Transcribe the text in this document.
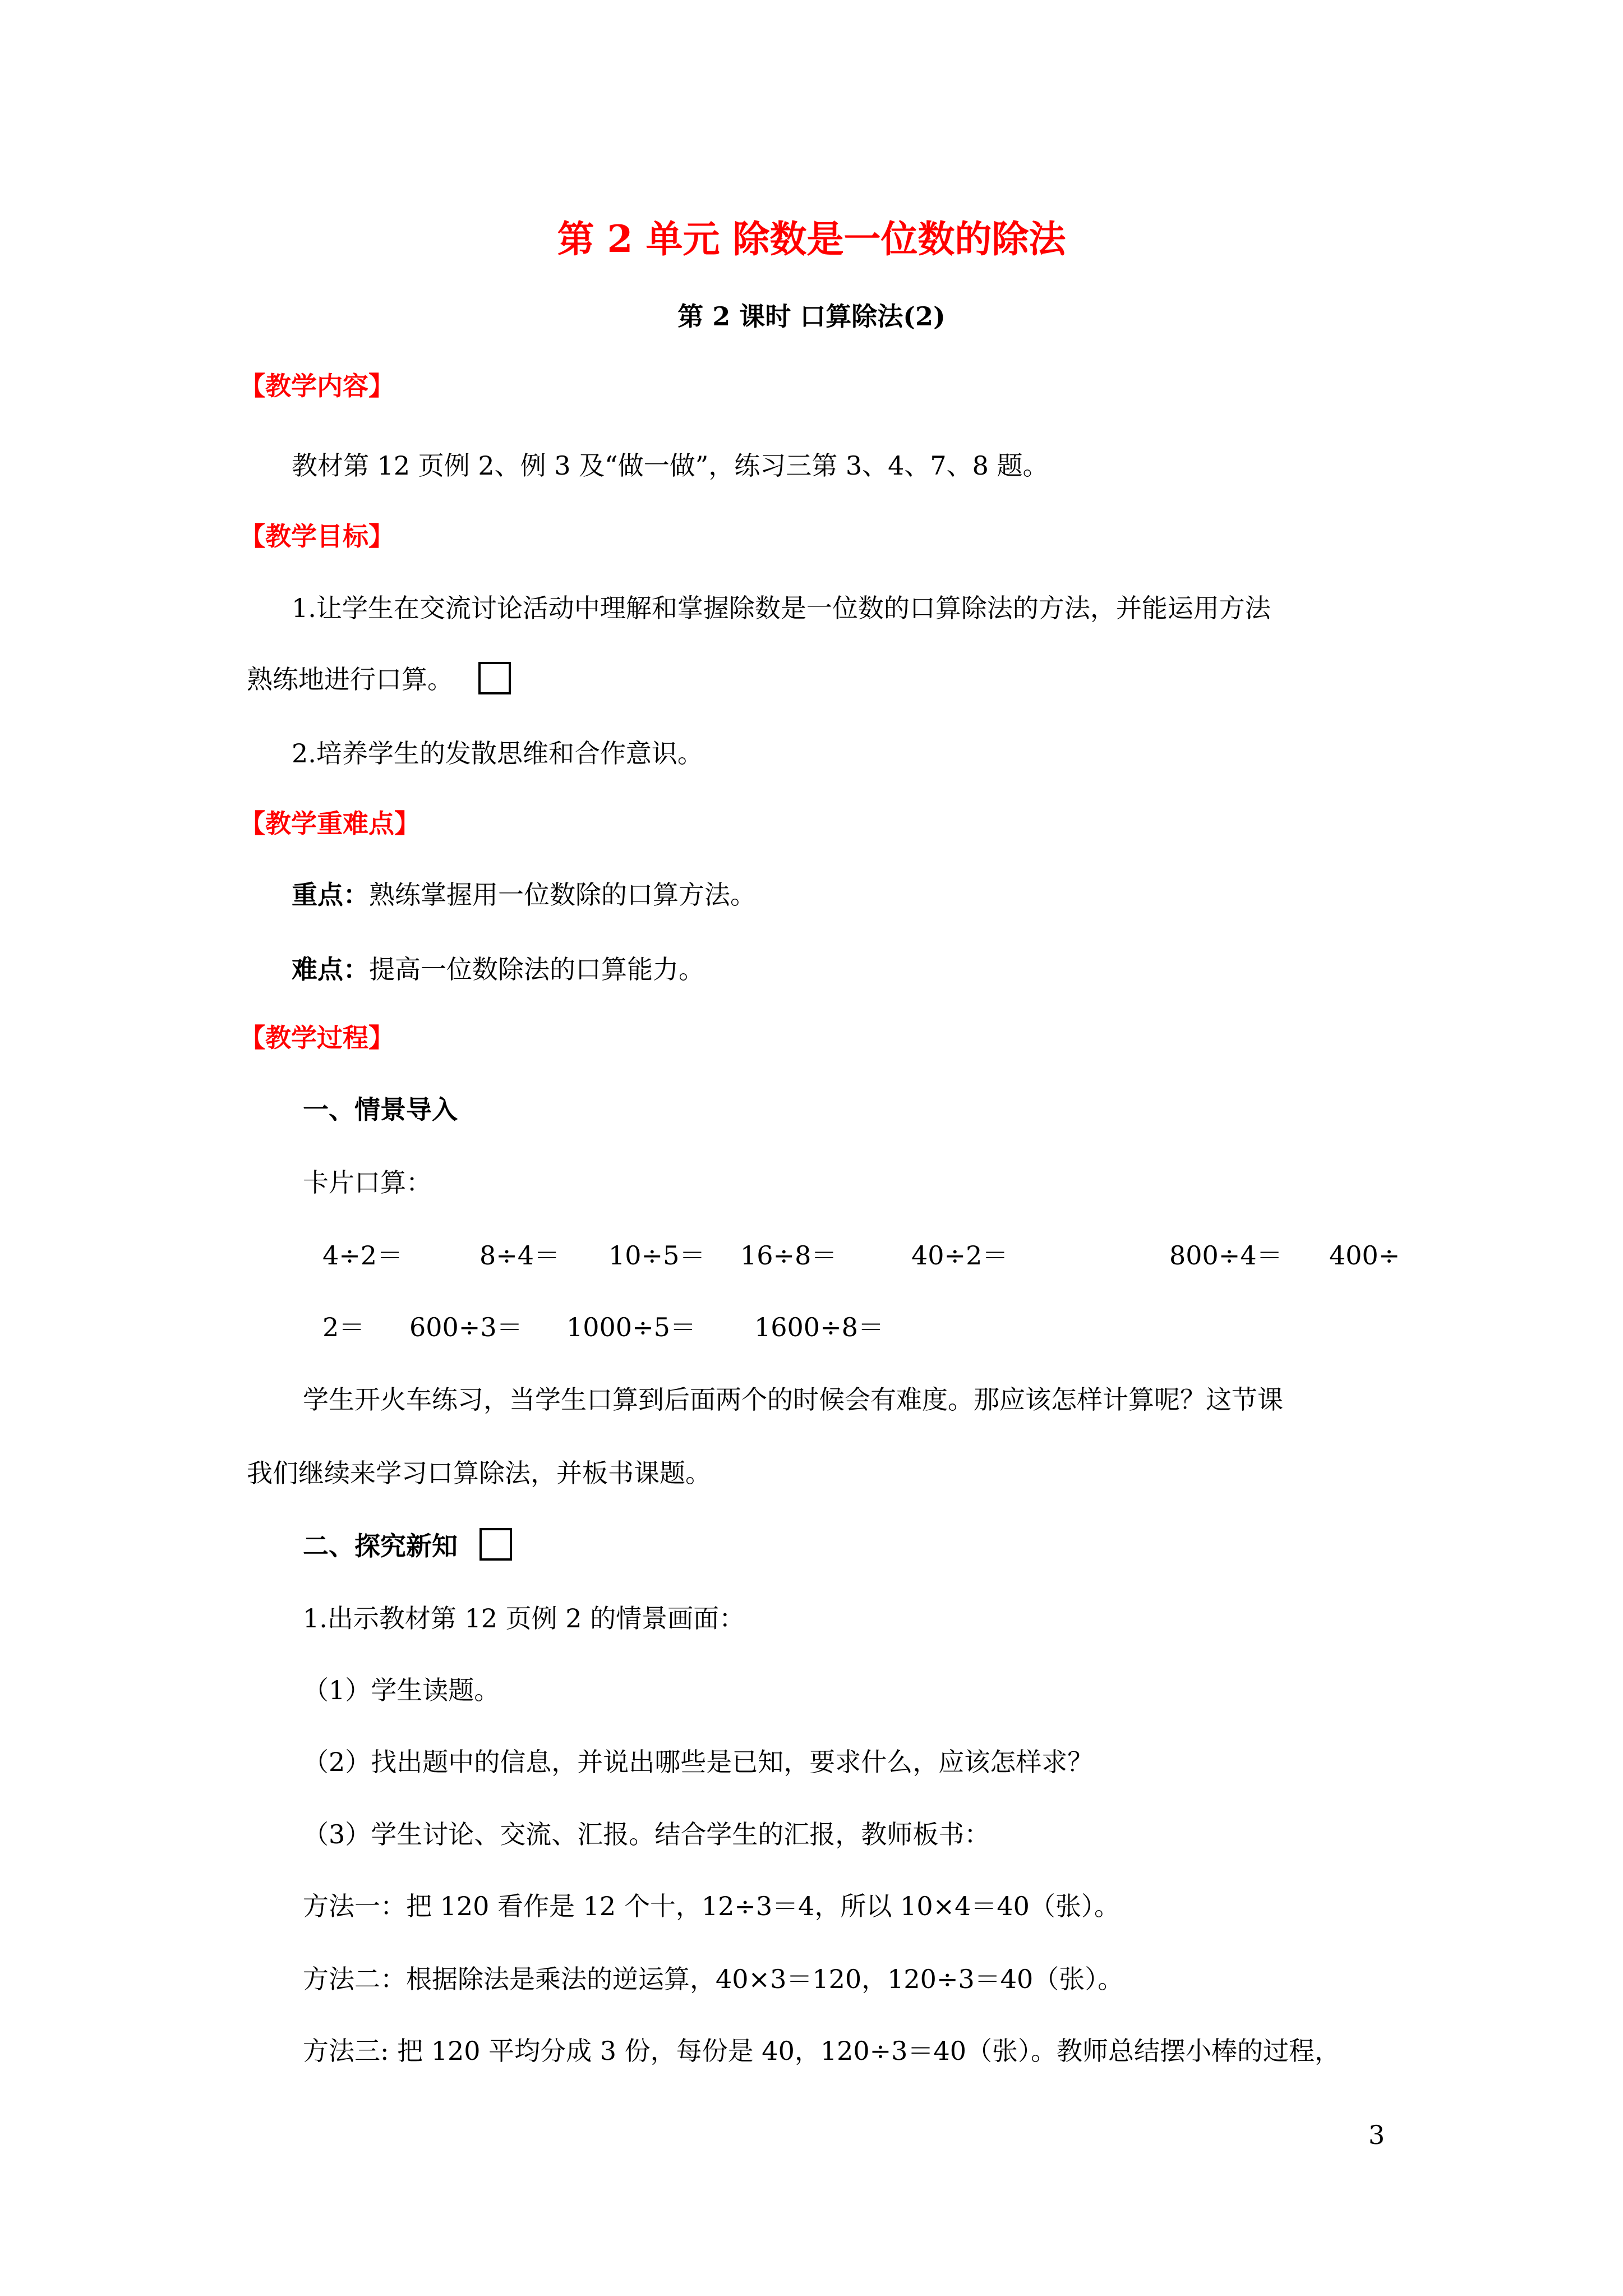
第 2 单元 除数是一位数的除法
第 2 课时 口算除法(2)
【教学内容】
教材第 12 页例 2、例 3 及“做一做”，练习三第 3、4、7、8 题。
【教学目标】
1.让学生在交流讨论活动中理解和掌握除数是一位数的口算除法的方法，并能运用方法
熟练地进行口算。
2.培养学生的发散思维和合作意识。
【教学重难点】
重点：熟练掌握用一位数除的口算方法。
难点：提高一位数除法的口算能力。
【教学过程】
一、情景导入
卡片口算：
4÷2＝	8÷4＝ 10÷5＝ 16÷8＝	40÷2＝	800÷4＝ 400÷
2＝ 600÷3＝ 1000÷5＝ 1600÷8＝
学生开火车练习，当学生口算到后面两个的时候会有难度。那应该怎样计算呢？这节课
我们继续来学习口算除法，并板书课题。
二、探究新知
1.出示教材第 12 页例 2 的情景画面：
（1）学生读题。
（2）找出题中的信息，并说出哪些是已知，要求什么，应该怎样求？
（3）学生讨论、交流、汇报。结合学生的汇报，教师板书：
方法一：把 120 看作是 12 个十，12÷3＝4，所以 10×4＝40（张）。
方法二：根据除法是乘法的逆运算，40×3＝120，120÷3＝40（张）。
方法三: 把 120 平均分成 3 份，每份是 40，120÷3＝40（张）。教师总结摆小棒的过程，
3
